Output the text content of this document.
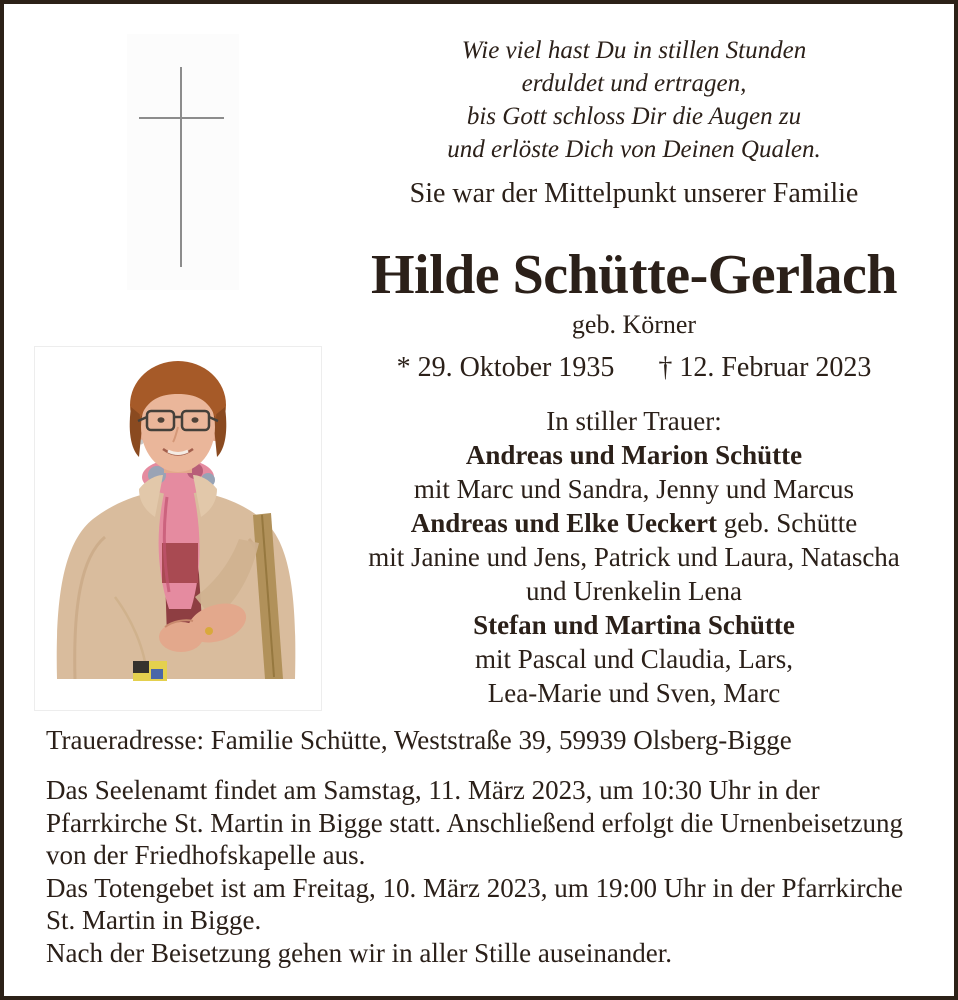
Wie viel hast Du in stillen Stunden

erduldet und ertragen,

bis Gott schloss Dir die Augen zu

und erlöste Dich von Deinen Qualen.

Sie war der Mittelpunkt unserer Familie
Hilde Schütte-Gerlach
geb. Körner
* 29. Oktober 1935 † 12. Februar 2023
In stiller Trauer:
Andreas und Marion Schütte
mit Marc und Sandra, Jenny und Marcus
Andreas und Elke Ueckert geb. Schütte
mit Janine und Jens, Patrick und Laura, Natascha
und Urenkelin Lena
Stefan und Martina Schütte
mit Pascal und Claudia, Lars,
Lea-Marie und Sven, Marc

Traueradresse: Familie Schütte, Weststraße 39, 59939 Olsberg-Bigge

Das Seelenamt findet am Samstag, 11. März 2023, um 10:30 Uhr in der

Pfarrkirche St. Martin in Bigge statt. Anschließend erfolgt die Urnenbeisetzung

von der Friedhofskapelle aus.

Das Totengebet ist am Freitag, 10. März 2023, um 19:00 Uhr in der Pfarrkirche

St. Martin in Bigge.

Nach der Beisetzung gehen wir in aller Stille auseinander.
